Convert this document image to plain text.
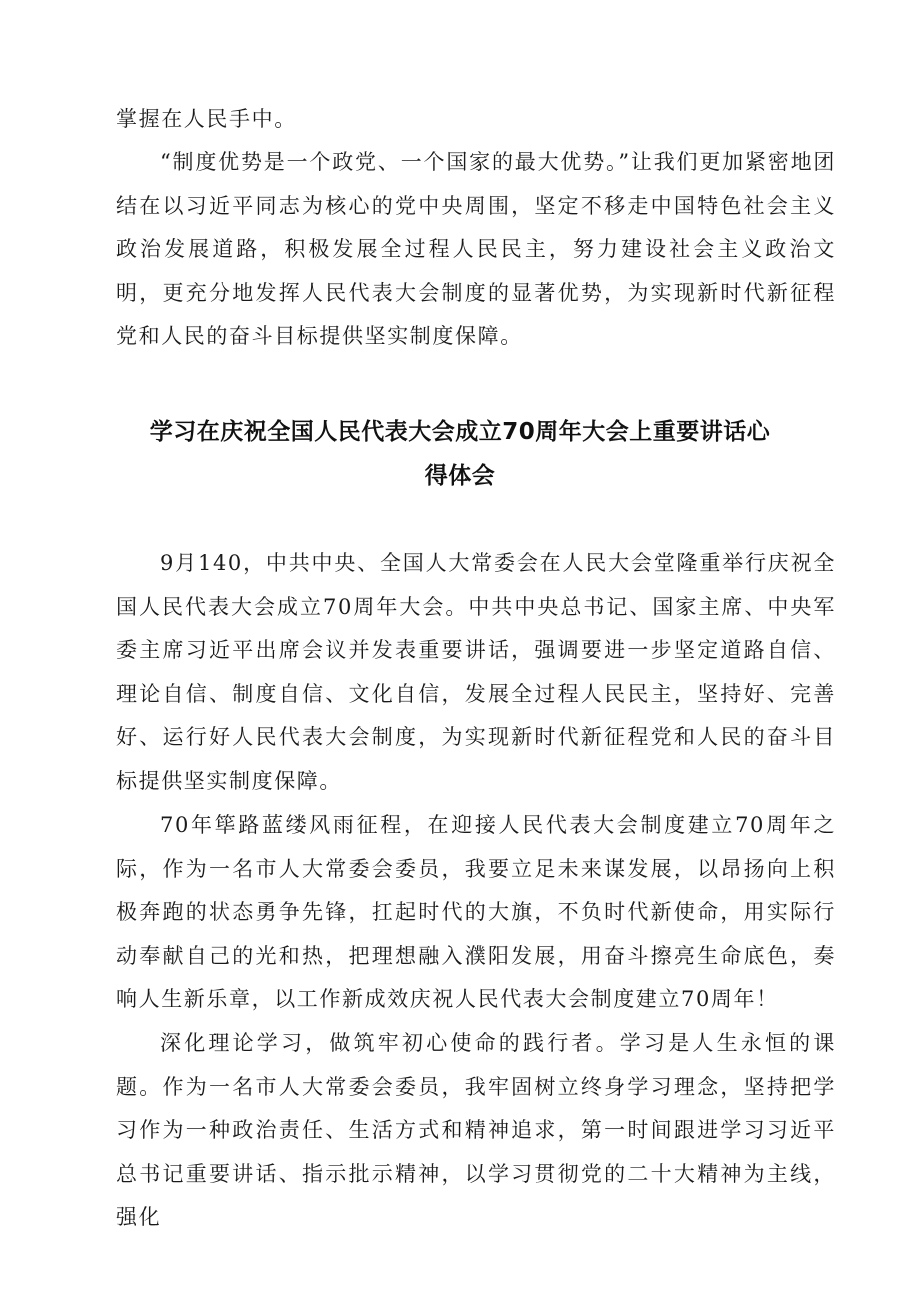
掌握在人民手中。

“制度优势是一个政党、一个国家的最大优势。”让我们更加紧密地团结在以习近平同志为核心的党中央周围，坚定不移走中国特色社会主义政治发展道路，积极发展全过程人民民主，努力建设社会主义政治文明，更充分地发挥人民代表大会制度的显著优势，为实现新时代新征程党和人民的奋斗目标提供坚实制度保障。

学习在庆祝全国人民代表大会成立70周年大会上重要讲话心得体会

9月140，中共中央、全国人大常委会在人民大会堂隆重举行庆祝全国人民代表大会成立70周年大会。中共中央总书记、国家主席、中央军委主席习近平出席会议并发表重要讲话，强调要进一步坚定道路自信、理论自信、制度自信、文化自信，发展全过程人民民主，坚持好、完善好、运行好人民代表大会制度，为实现新时代新征程党和人民的奋斗目标提供坚实制度保障。

70年筚路蓝缕风雨征程，在迎接人民代表大会制度建立70周年之际，作为一名市人大常委会委员，我要立足未来谋发展，以昂扬向上积极奔跑的状态勇争先锋，扛起时代的大旗，不负时代新使命，用实际行动奉献自己的光和热，把理想融入濮阳发展，用奋斗擦亮生命底色，奏响人生新乐章，以工作新成效庆祝人民代表大会制度建立70周年！

深化理论学习，做筑牢初心使命的践行者。学习是人生永恒的课题。作为一名市人大常委会委员，我牢固树立终身学习理念，坚持把学习作为一种政治责任、生活方式和精神追求，第一时间跟进学习习近平总书记重要讲话、指示批示精神，以学习贯彻党的二十大精神为主线，强化
